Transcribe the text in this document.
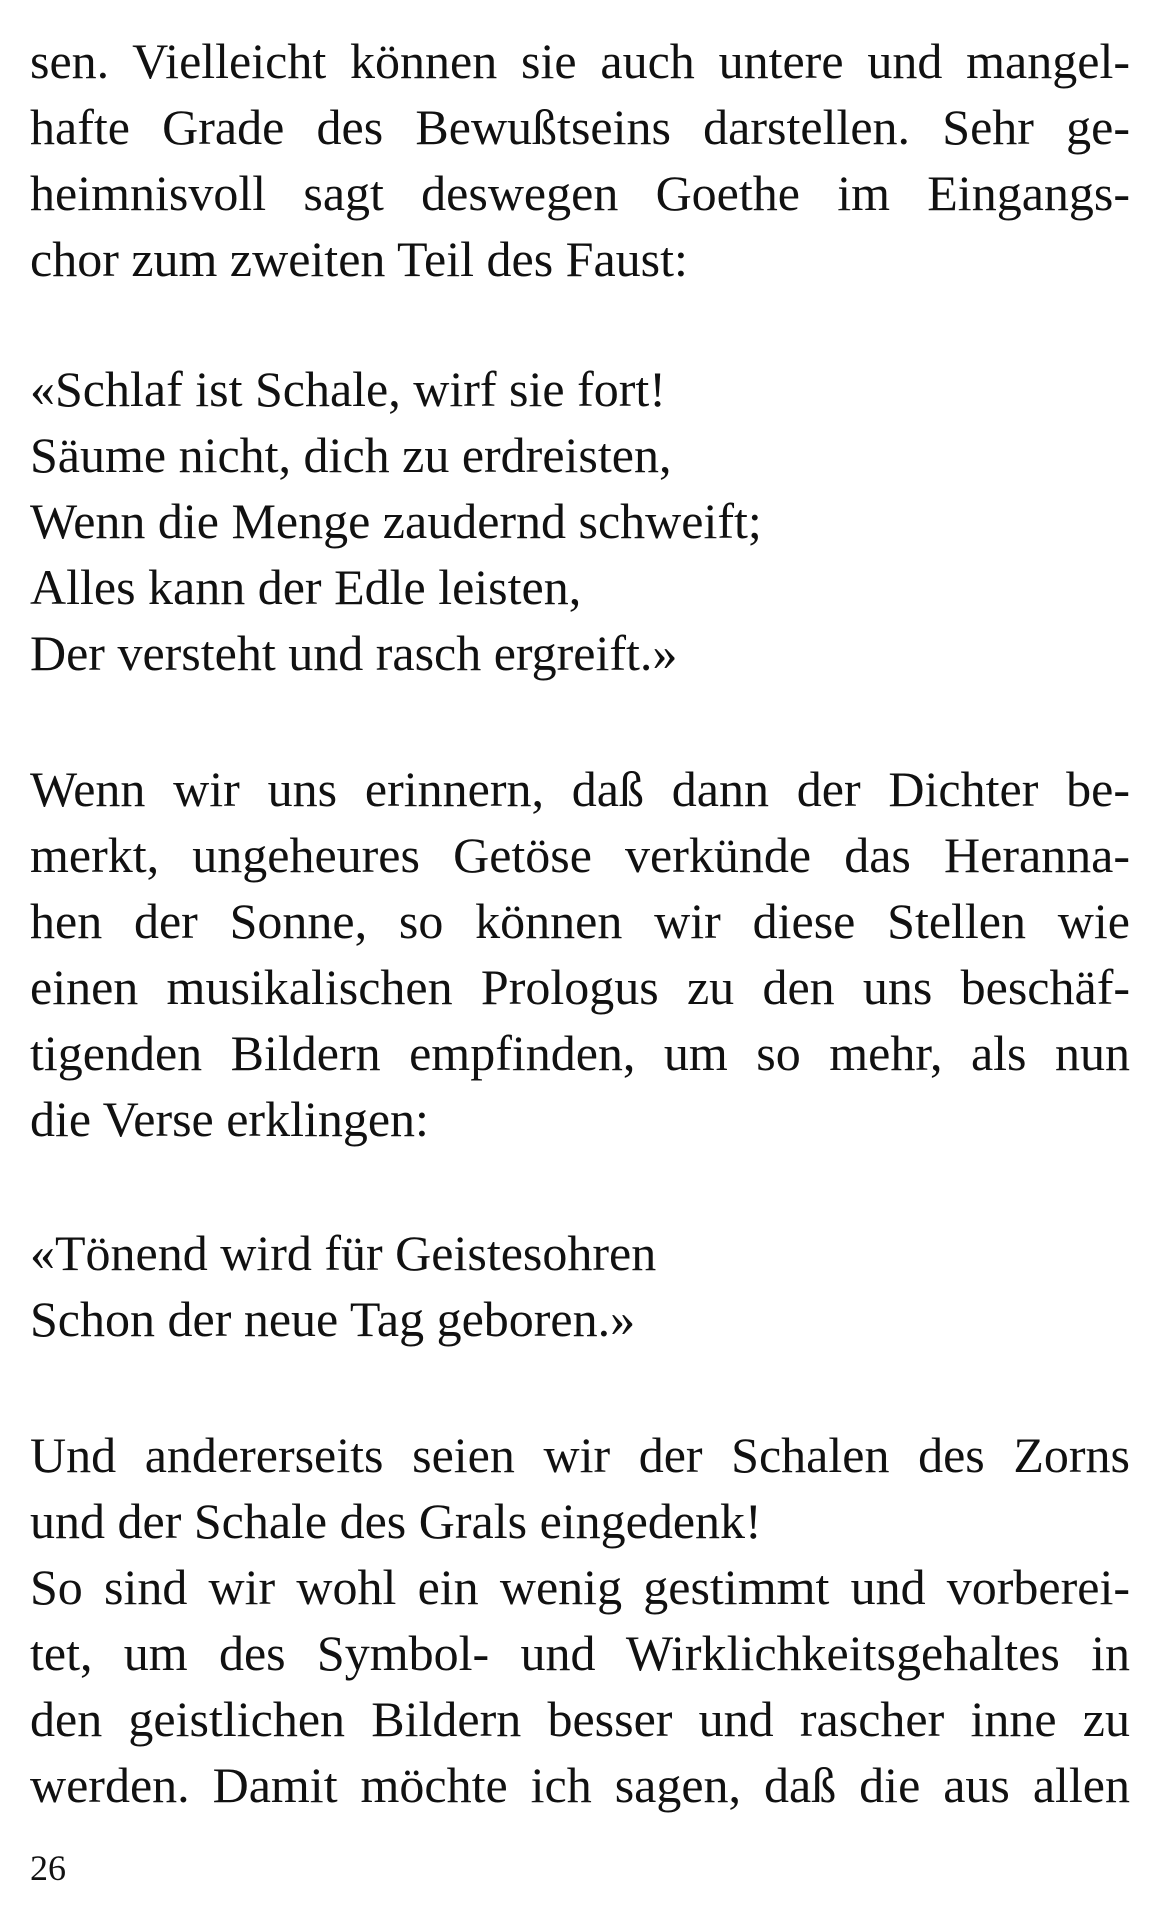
sen. Vielleicht können sie auch untere und mangel-
hafte Grade des Bewußtseins darstellen. Sehr ge-
heimnisvoll sagt deswegen Goethe im Eingangs-
chor zum zweiten Teil des Faust:
«Schlaf ist Schale, wirf sie fort!
Säume nicht, dich zu erdreisten,
Wenn die Menge zaudernd schweift;
Alles kann der Edle leisten,
Der versteht und rasch ergreift.»
Wenn wir uns erinnern, daß dann der Dichter be-
merkt, ungeheures Getöse verkünde das Heranna-
hen der Sonne, so können wir diese Stellen wie
einen musikalischen Prologus zu den uns beschäf-
tigenden Bildern empfinden, um so mehr, als nun
die Verse erklingen:
«Tönend wird für Geistesohren
Schon der neue Tag geboren.»
Und andererseits seien wir der Schalen des Zorns
und der Schale des Grals eingedenk!
So sind wir wohl ein wenig gestimmt und vorberei-
tet, um des Symbol- und Wirklichkeitsgehaltes in
den geistlichen Bildern besser und rascher inne zu
werden. Damit möchte ich sagen, daß die aus allen
26
